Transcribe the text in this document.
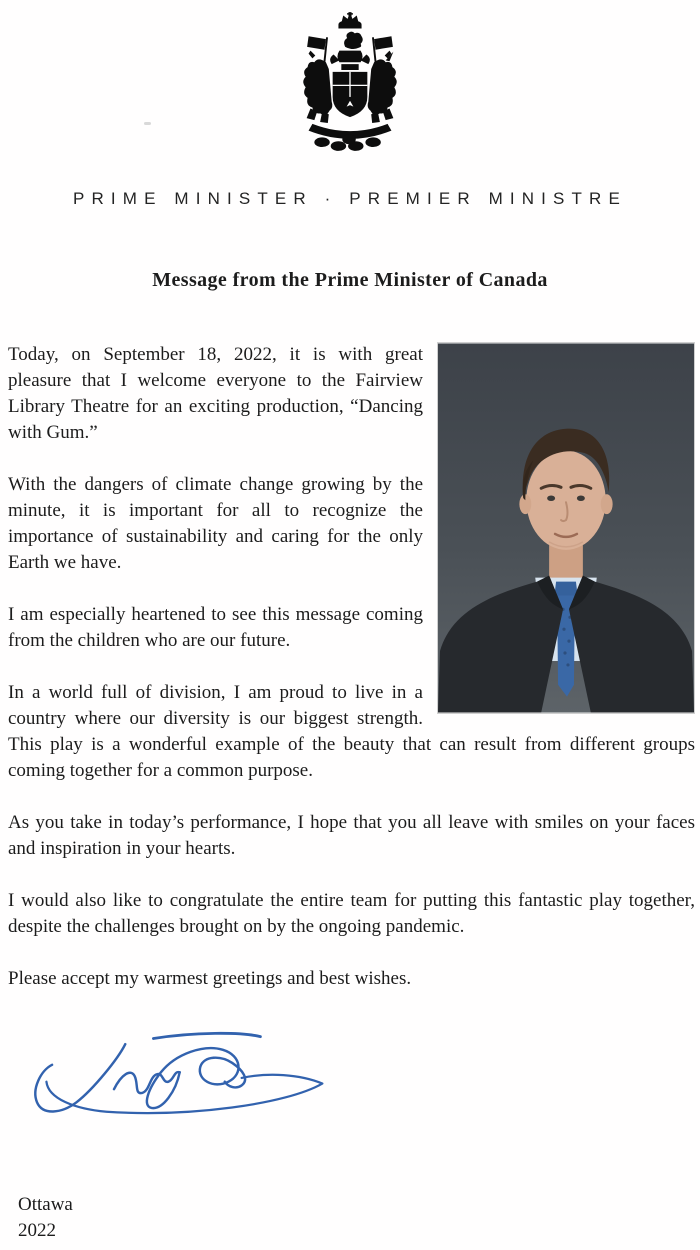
PRIME MINISTER · PREMIER MINISTRE
Message from the Prime Minister of Canada

Today, on September 18, 2022, it is with great pleasure that I welcome everyone to the Fairview Library Theatre for an exciting production, “Dancing with Gum.”

With the dangers of climate change growing by the minute, it is important for all to recognize the importance of sustainability and caring for the only Earth we have.

I am especially heartened to see this message coming from the children who are our future.

In a world full of division, I am proud to live in a country where our diversity is our biggest strength. This play is a wonderful example of the beauty that can result from different groups coming together for a common purpose.

As you take in today’s performance, I hope that you all leave with smiles on your faces and inspiration in your hearts.

I would also like to congratulate the entire team for putting this fantastic play together, despite the challenges brought on by the ongoing pandemic.

Please accept my warmest greetings and best wishes.

Ottawa
2022
